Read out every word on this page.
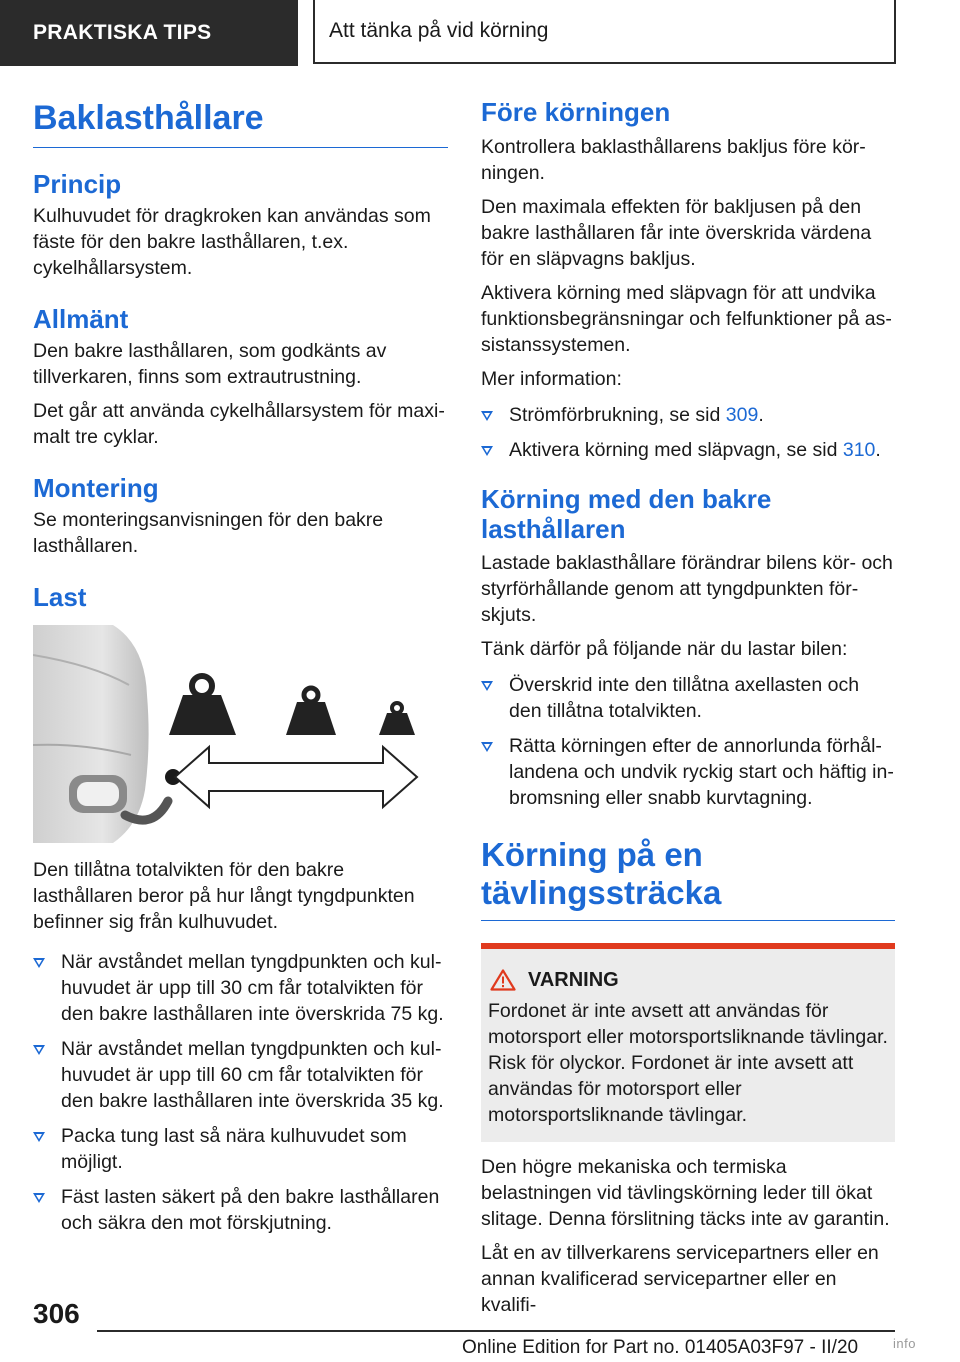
PRAKTISKA TIPS	Att tänka på vid körning
Baklasthållare
Princip

Kulhuvudet för dragkroken kan användas som fäste för den bakre lasthållaren, t.ex. cykelhållarsystem.

Allmänt

Den bakre lasthållaren, som godkänts av tillverkaren, finns som extrautrustning.

Det går att använda cykelhållarsystem för maximalt tre cyklar.

Montering

Se monteringsanvisningen för den bakre lasthållaren.

Last

Den tillåtna totalvikten för den bakre lasthållaren beror på hur långt tyngdpunkten befinner sig från kulhuvudet.

När avståndet mellan tyngdpunkten och kulhuvudet är upp till 30 cm får totalvikten för den bakre lasthållaren inte överskrida 75 kg.
När avståndet mellan tyngdpunkten och kulhuvudet är upp till 60 cm får totalvikten för den bakre lasthållaren inte överskrida 35 kg.
Packa tung last så nära kulhuvudet som möjligt.
Fäst lasten säkert på den bakre lasthållaren och säkra den mot förskjutning.
Före körningen

Kontrollera baklasthållarens bakljus före körningen.

Den maximala effekten för bakljusen på den bakre lasthållaren får inte överskrida värdena för en släpvagns bakljus.

Aktivera körning med släpvagn för att undvika funktionsbegränsningar och felfunktioner på assistanssystemen.

Mer information:

Strömförbrukning, se sid 309.
Aktivera körning med släpvagn, se sid 310.
Körning med den bakre lasthållaren

Lastade baklasthållare förändrar bilens kör- och styrförhållande genom att tyngdpunkten förskjuts.

Tänk därför på följande när du lastar bilen:

Överskrid inte den tillåtna axellasten och den tillåtna totalvikten.
Rätta körningen efter de annorlunda förhållandena och undvik ryckig start och häftig inbromsning eller snabb kurvtagning.
Körning på en tävlingssträcka
VARNING

Fordonet är inte avsett att användas för motorsport eller motorsportsliknande tävlingar. Risk för olyckor. Fordonet är inte avsett att användas för motorsport eller motorsportsliknande tävlingar.

Den högre mekaniska och termiska belastningen vid tävlingskörning leder till ökat slitage. Denna förslitning täcks inte av garantin.

Låt en av tillverkarens servicepartners eller en annan kvalificerad servicepartner eller en kvalifi-

306
Online Edition for Part no. 01405A03F97 - II/20	info
